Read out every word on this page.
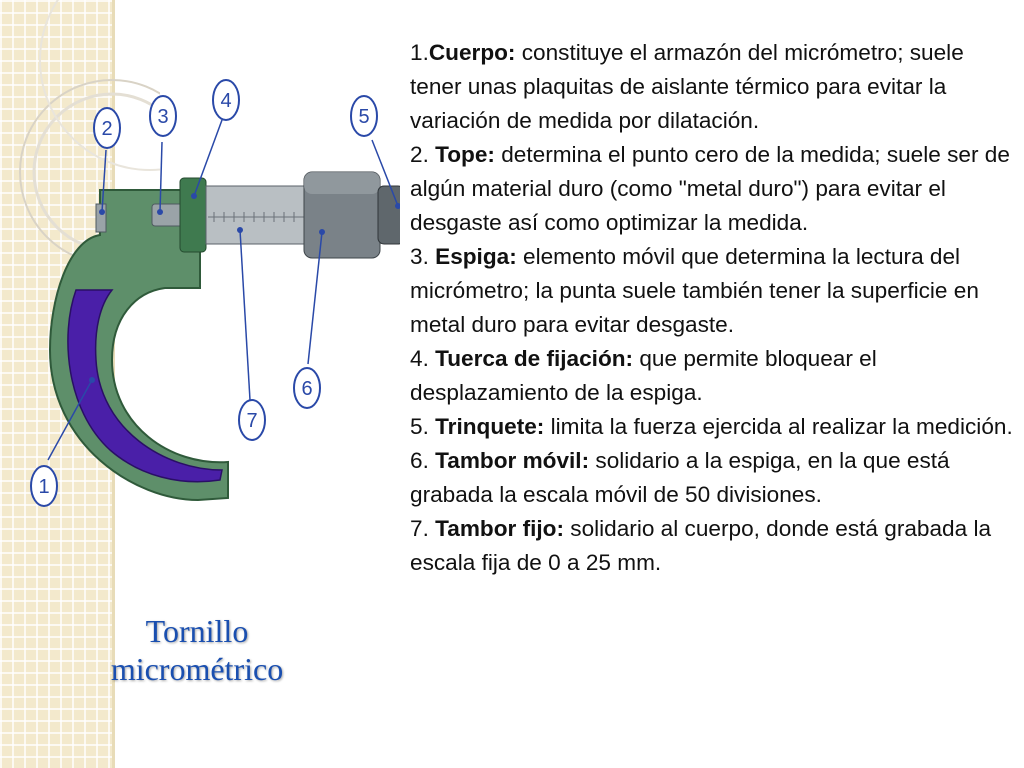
1
2
3
4
5
6
7
Tornillo
micrométrico

1.Cuerpo: constituye el armazón del micrómetro; suele tener unas plaquitas de aislante térmico para evitar la variación de medida por dilatación.

2. Tope: determina el punto cero de la medida; suele ser de algún material duro (como "metal duro") para evitar el desgaste así como optimizar la medida.

3. Espiga: elemento móvil que determina la lectura del micrómetro; la punta suele también tener la superficie en metal duro para evitar desgaste.

4. Tuerca de fijación: que permite bloquear el desplazamiento de la espiga.

5. Trinquete: limita la fuerza ejercida al realizar la medición.

6. Tambor móvil: solidario a la espiga, en la que está grabada la escala móvil de 50 divisiones.

7. Tambor fijo: solidario al cuerpo, donde está grabada la escala fija de 0 a 25 mm.
